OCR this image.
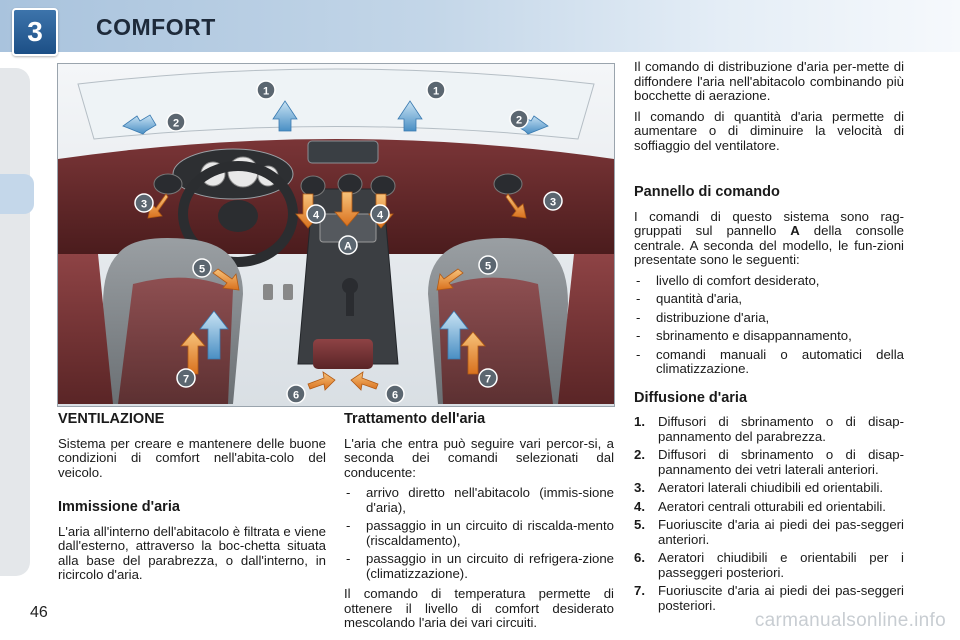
3	COMFORT
1	1
2	2
3	3
4	4
A
5	5
6	6
7	7
VENTILAZIONE

Sistema per creare e mantenere delle buone condizioni di comfort nell'abita-colo del veicolo.

Immissione d'aria

L'aria all'interno dell'abitacolo è filtrata e viene dall'esterno, attraverso la boc-chetta situata alla base del parabrezza, o dall'interno, in ricircolo d'aria.

Trattamento dell'aria

L'aria che entra può seguire vari percor-si, a seconda dei comandi selezionati dal conducente:

- arrivo diretto nell'abitacolo (immis-sione d'aria),
- passaggio in un circuito di riscalda-mento (riscaldamento),
- passaggio in un circuito di refrigera-zione (climatizzazione).

Il comando di temperatura permette di ottenere il livello di comfort desiderato mescolando l'aria dei vari circuiti.

Il comando di distribuzione d'aria per-mette di diffondere l'aria nell'abitacolo combinando più bocchette di aerazione.

Il comando di quantità d'aria permette di aumentare o di diminuire la velocità di soffiaggio del ventilatore.

Pannello di comando

I comandi di questo sistema sono rag-gruppati sul pannello A della consolle centrale. A seconda del modello, le fun-zioni presentate sono le seguenti:

- livello di comfort desiderato,
- quantità d'aria,
- distribuzione d'aria,
- sbrinamento e disappannamento,
- comandi manuali o automatici della climatizzazione.
Diffusione d'aria
1. Diffusori di sbrinamento o di disap-pannamento del parabrezza.
2. Diffusori di sbrinamento o di disap-pannamento dei vetri laterali anteriori.
3. Aeratori laterali chiudibili ed orientabili.
4. Aeratori centrali otturabili ed orientabili.
5. Fuoriuscite d'aria ai piedi dei pas-seggeri anteriori.
6. Aeratori chiudibili e orientabili per i passeggeri posteriori.
7. Fuoriuscite d'aria ai piedi dei pas-seggeri posteriori.
46	carmanualsonline.info
